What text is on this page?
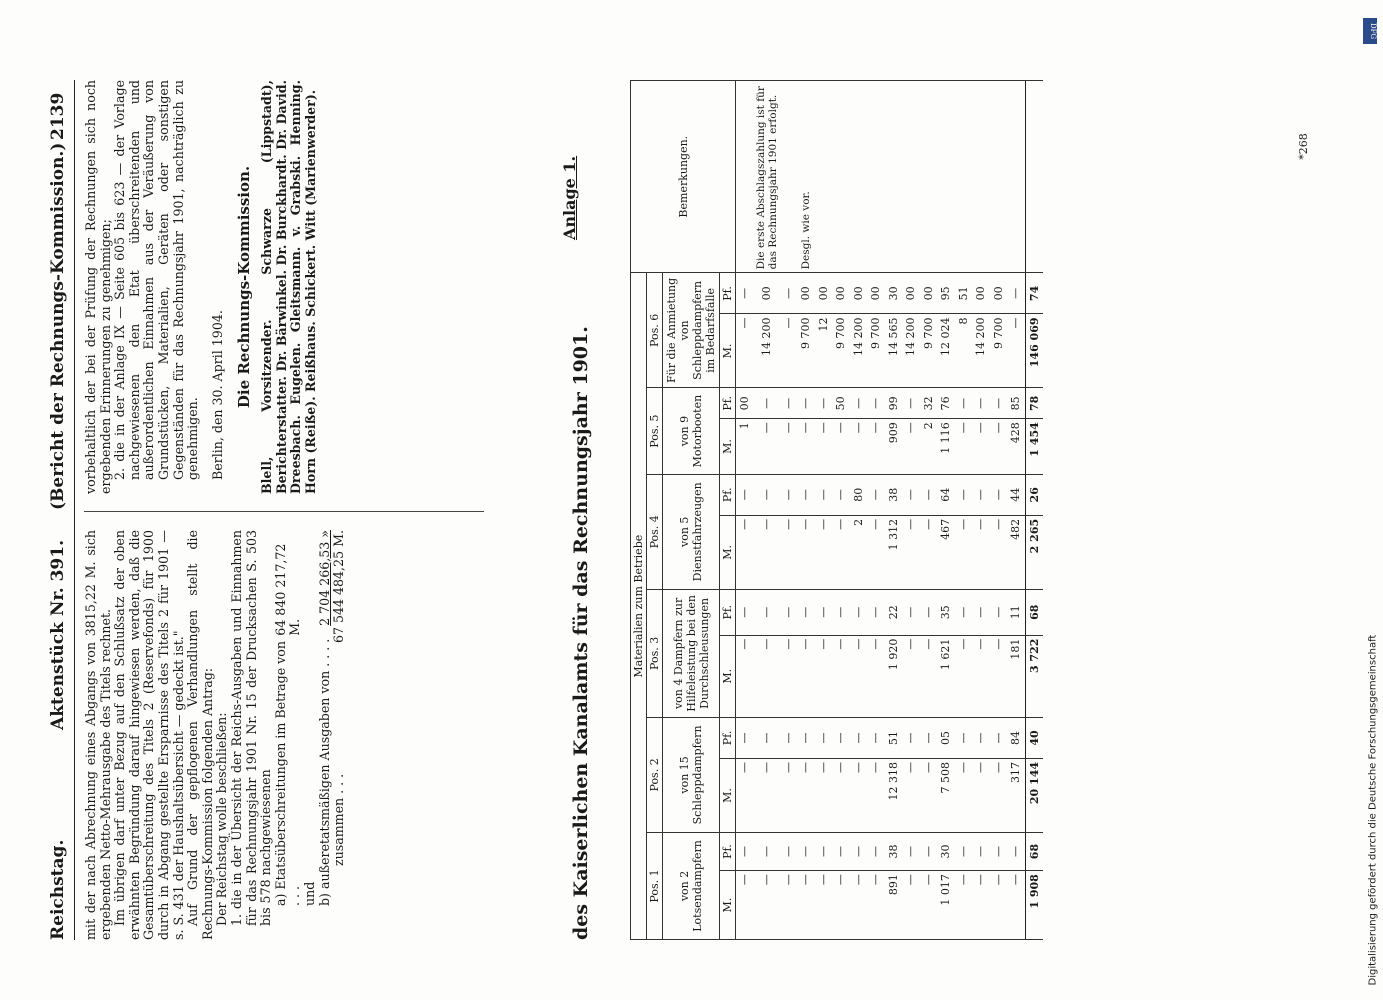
Reichstag.
Aktenstück Nr. 391.
(Bericht der Rechnungs-Kommission.)
2139

mit der nach Abrechnung eines Abgangs von 3815,22 M. sich ergebenden Netto-Mehrausgabe des Titels rechnet. Im übrigen darf unter Bezug auf den Schlußsatz der oben erwähnten Begründung darauf hingewiesen werden, daß die Gesamtüberschreitung des Titels 2 (Reservefonds) für 1900 durch in Abgang gestellte Ersparnisse des Titels 2 für 1901 — s. S. 431 der Haushaltsübersicht — gedeckt ist." Auf Grund der gepflogenen Verhandlungen stellt die Rechnungs-Kommission folgenden Antrag: Der Reichstag wolle beschließen: 1. die in der Übersicht der Reichs-Ausgaben und Einnahmen für das Rechnungsjahr 1901 Nr. 15 der Drucksachen S. 503 bis 578 nachgewiesenen a) Etatsüberschreitungen im Betrage von . . .
64 840 217,72 M.

und b) außeretatsmäßigen Ausgaben von . . . .
2 704 266,53 »
zusammen . . .
67 544 484,25 M.

vorbehaltlich der bei der Prüfung der Rechnungen sich noch ergebenden Erinnerungen zu genehmigen; 2. die in der Anlage IX — Seite 605 bis 623 — der Vorlage nachgewiesenen den Etat überschreitenden und außerordentlichen Einnahmen aus der Veräußerung von Grundstücken, Materialien, Geräten oder sonstigen Gegenständen für das Rechnungsjahr 1901, nachträglich zu genehmigen. Berlin, den 30. April 1904. Die Rechnungs-Kommission. Blell, Vorsitzender. Schwarze (Lippstadt), Berichterstatter. Dr. Bärwinkel. Dr. Burckhardt. Dr. David. Dreesbach. Eugelen. Gleitsmann. v. Grabski. Henning. Horn (Reiße). Reißhaus. Schickert. Witt (Marienwerder).	Anlage 1.
des Kaiserlichen Kanalamts für das Rechnungsjahr 1901.	Materialien zum Betriebe												Bemerkungen.
Pos. 1		Pos. 2		Pos. 3		Pos. 4		Pos. 5		Pos. 6		
von 2 Lotsendampfern		von 15 Schleppdampfern		von 4 Dampfern zur Hilfeleistung bei den Durchschleusungen		von 5 Dienstfahrzeugen		von 9 Motorbooten		Für die Anmietung von Schleppdampfern im Bedarfsfalle		
M.	Pf.	M.	Pf.	M.	Pf.	M.	Pf.	M.	Pf.	M.	Pf.	
—	—	—	—	—	—	—	—	1	00	—	—	
—	—	—	—	—	—	—	—	—	—	14 200	00	Die erste Abschlagszahlung ist für das Rechnungsjahr 1901 erfolgt.
—	—	—	—	—	—	—	—	—	—	—	—	
—	—	—	—	—	—	—	—	—	—	9 700	00	Desgl. wie vor.
—	—	—	—	—	—	—	—	—	—	12	00	
—	—	—	—	—	—	—	—	—	50	9 700	00	
—	—	—	—	—	—	2	80	—	—	14 200	00	
—	—	—	—	—	—	—	—	—	—	9 700	00	
891	38	12 318	51	1 920	22	1 312	38	909	99	14 565	30	
—	—	—	—	—	—	—	—	—	—	14 200	00	
—	—	—	—	—	—	—	—	2	32	9 700	00	
1 017	30	7 508	05	1 621	35	467	64	1 116	76	12 024	95	
—	—	—	—	—	—	—	—	—	—	8	51	
—	—	—	—	—	—	—	—	—	—	14 200	00	
—	—	—	—	—	—	—	—	—	—	9 700	00	
—	—	317	84	181	11	482	44	428	85	—	—	
1 908	68	20 144	40	3 722	68	2 265	26	1 454	78	146 069	74	
*268
DFG
Digitalisierung gefördert durch die Deutsche Forschungsgemeinschaft
